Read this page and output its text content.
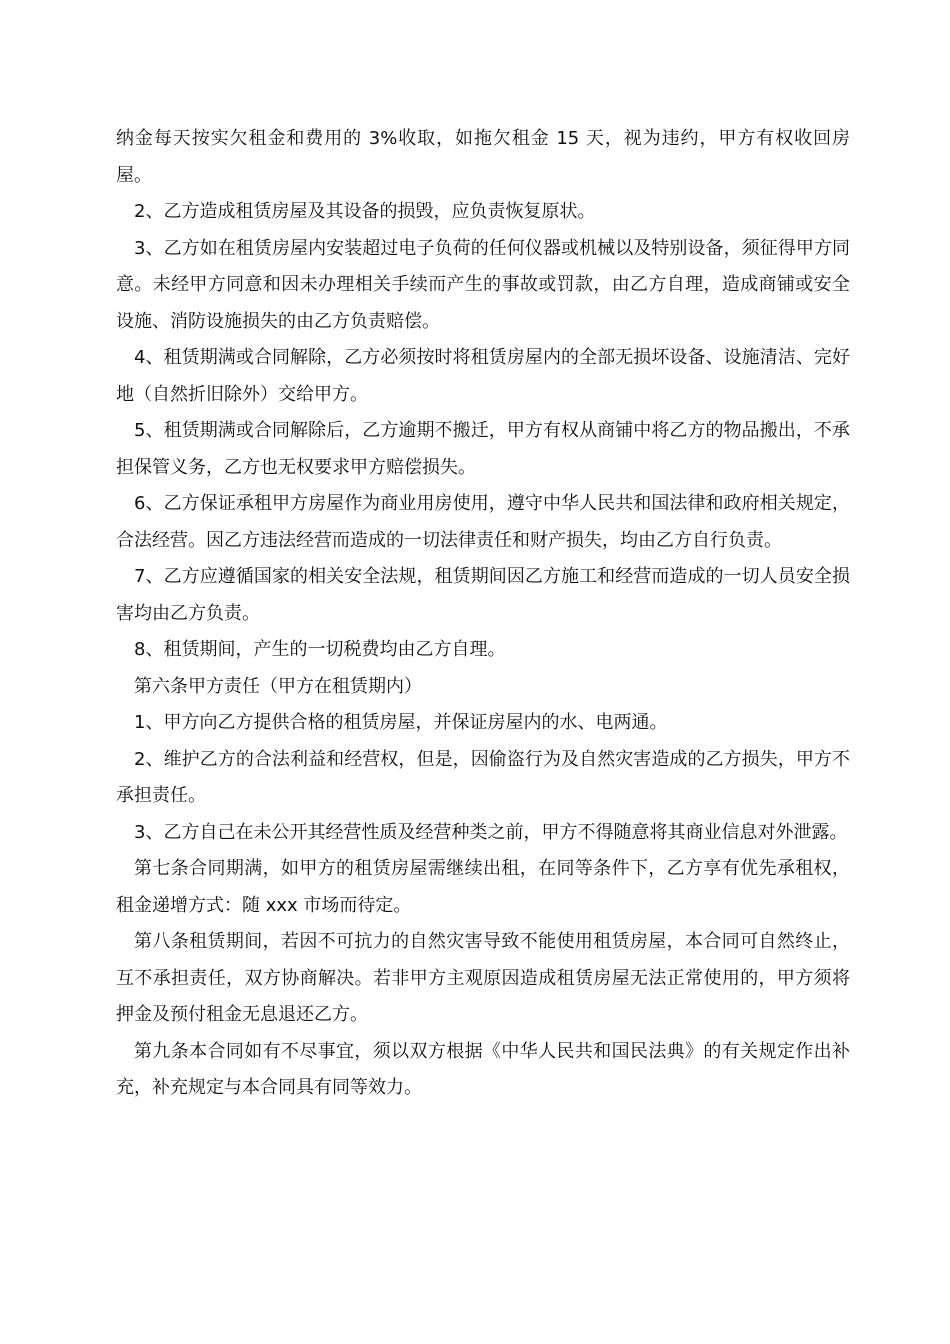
纳金每天按实欠租金和费用的 3%收取，如拖欠租金 15 天，视为违约，甲方有权收回房屋。

2、乙方造成租赁房屋及其设备的损毁，应负责恢复原状。

3、乙方如在租赁房屋内安装超过电子负荷的任何仪器或机械以及特别设备，须征得甲方同意。未经甲方同意和因未办理相关手续而产生的事故或罚款，由乙方自理，造成商铺或安全设施、消防设施损失的由乙方负责赔偿。

4、租赁期满或合同解除，乙方必须按时将租赁房屋内的全部无损坏设备、设施清洁、完好地（自然折旧除外）交给甲方。

5、租赁期满或合同解除后，乙方逾期不搬迁，甲方有权从商铺中将乙方的物品搬出，不承担保管义务，乙方也无权要求甲方赔偿损失。

6、乙方保证承租甲方房屋作为商业用房使用，遵守中华人民共和国法律和政府相关规定，合法经营。因乙方违法经营而造成的一切法律责任和财产损失，均由乙方自行负责。

7、乙方应遵循国家的相关安全法规，租赁期间因乙方施工和经营而造成的一切人员安全损害均由乙方负责。

8、租赁期间，产生的一切税费均由乙方自理。

第六条甲方责任（甲方在租赁期内）

1、甲方向乙方提供合格的租赁房屋，并保证房屋内的水、电两通。

2、维护乙方的合法利益和经营权，但是，因偷盗行为及自然灾害造成的乙方损失，甲方不承担责任。

3、乙方自己在未公开其经营性质及经营种类之前，甲方不得随意将其商业信息对外泄露。

第七条合同期满，如甲方的租赁房屋需继续出租，在同等条件下，乙方享有优先承租权，租金递增方式：随 xxx 市场而待定。

第八条租赁期间，若因不可抗力的自然灾害导致不能使用租赁房屋，本合同可自然终止，互不承担责任，双方协商解决。若非甲方主观原因造成租赁房屋无法正常使用的，甲方须将押金及预付租金无息退还乙方。

第九条本合同如有不尽事宜，须以双方根据《中华人民共和国民法典》的有关规定作出补充，补充规定与本合同具有同等效力。
